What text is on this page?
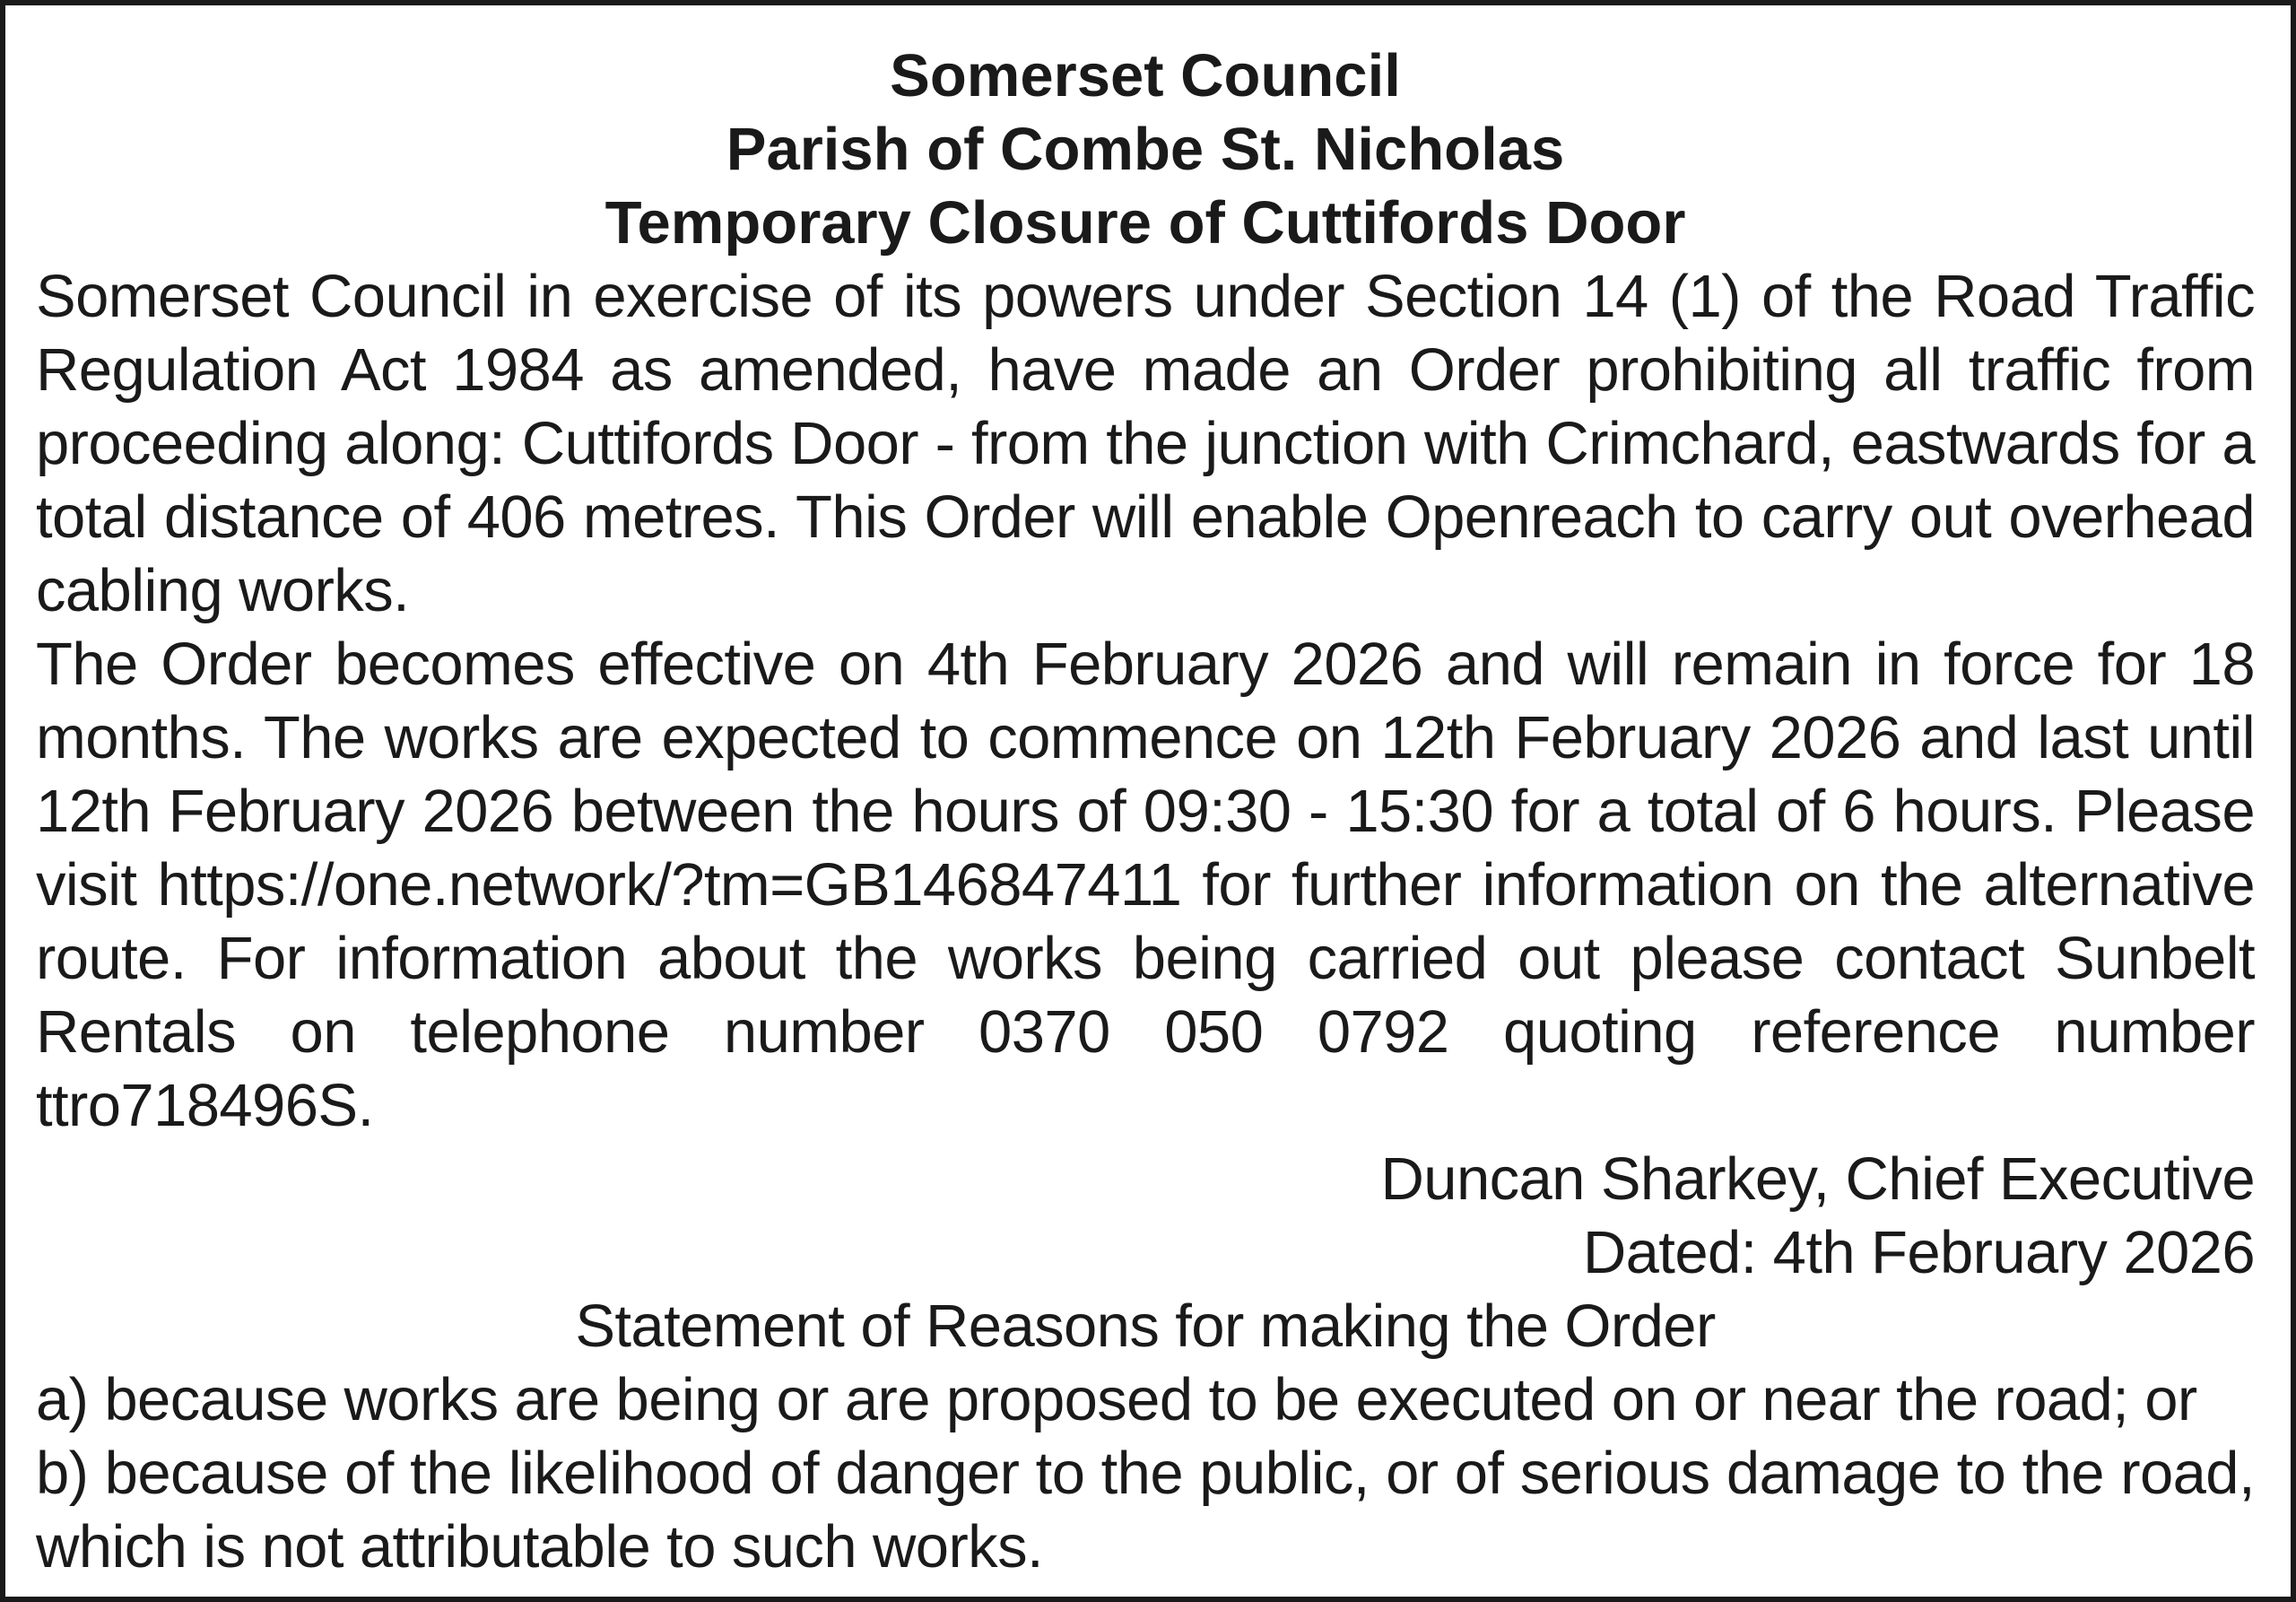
Somerset Council

Parish of Combe St. Nicholas

Temporary Closure of Cuttifords Door

Somerset Council in exercise of its powers under Section 14 (1) of the Road Traffic Regulation Act 1984 as amended, have made an Order prohibiting all traffic from proceeding along: Cuttifords Door - from the junction with Crimchard, eastwards for a total distance of 406 metres. This Order will enable Openreach to carry out overhead cabling works.

The Order becomes effective on 4th February 2026 and will remain in force for 18 months. The works are expected to commence on 12th February 2026 and last until 12th February 2026 between the hours of 09:30 - 15:30 for a total of 6 hours. Please visit https://one.network/?tm=GB146847411 for further information on the alternative route. For information about the works being carried out please contact Sunbelt Rentals on telephone number 0370 050 0792 quoting reference number ttro718496S.

Duncan Sharkey, Chief Executive

Dated: 4th February 2026

Statement of Reasons for making the Order

a) because works are being or are proposed to be executed on or near the road; or

b) because of the likelihood of danger to the public, or of serious damage to the road, which is not attributable to such works.
